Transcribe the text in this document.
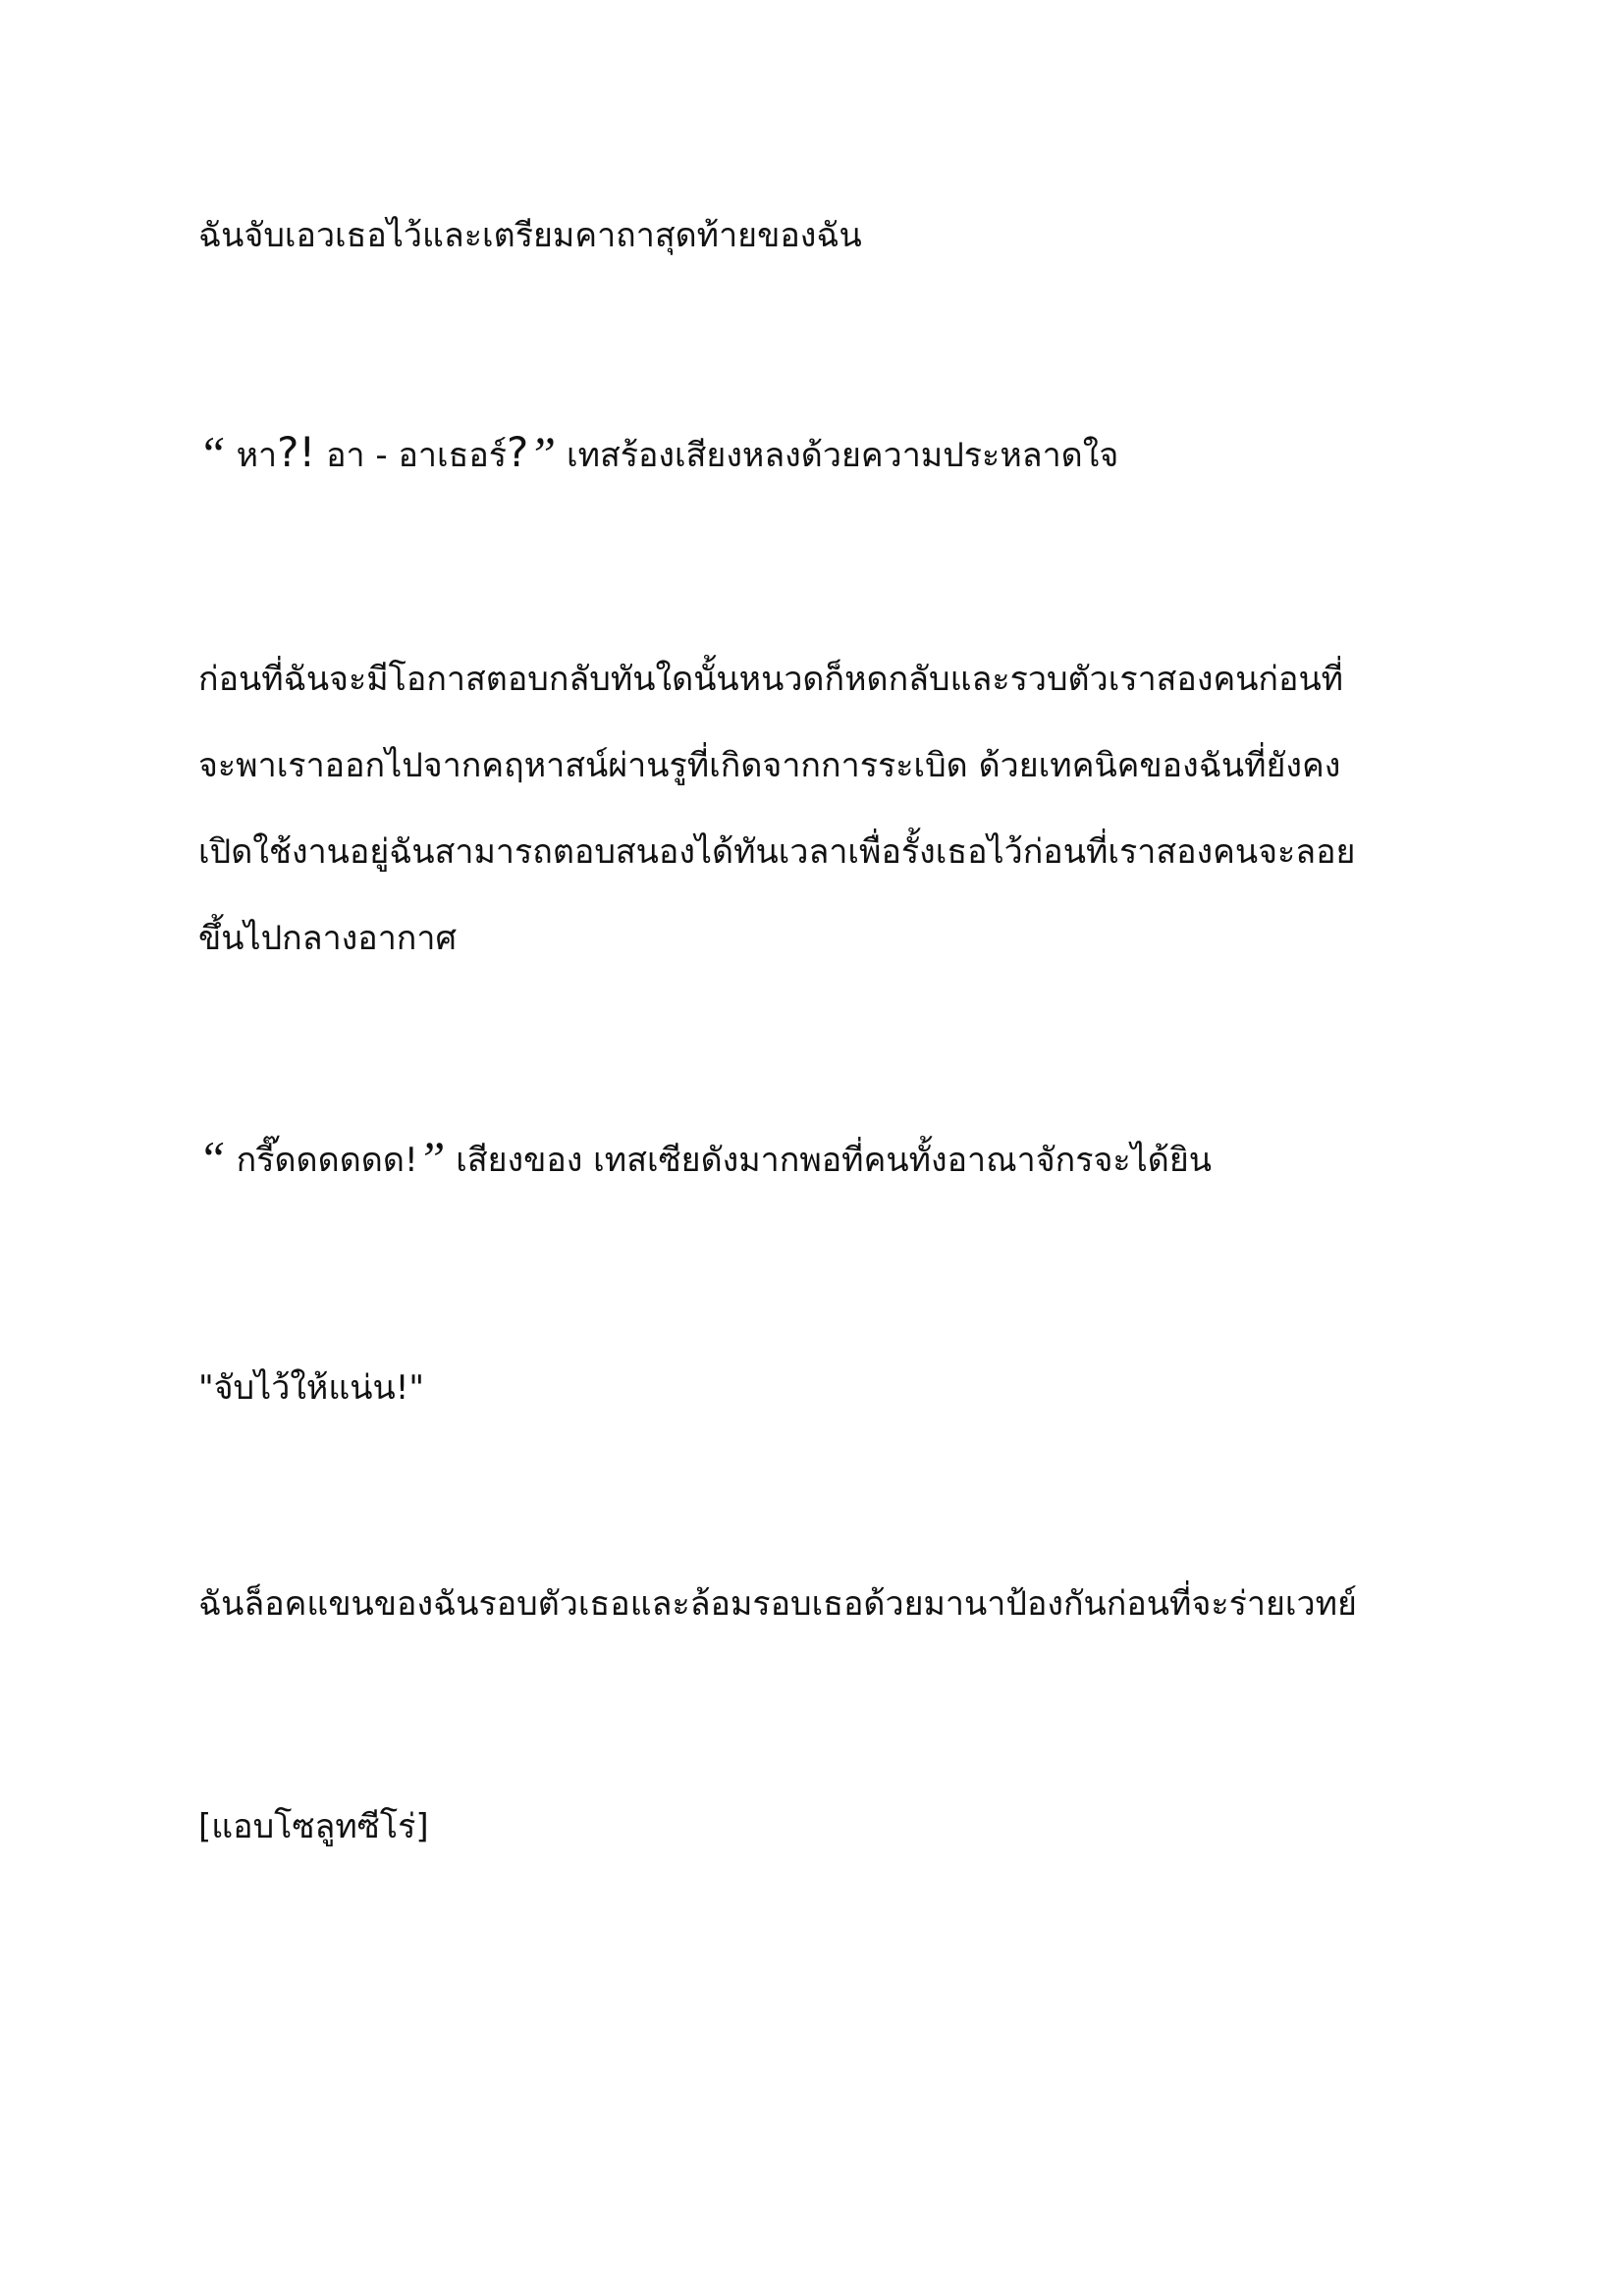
ฉันจับเอวเธอไว้และเตรียมคาถาสุดท้ายของฉัน

“ หา?! อา - อาเธอร์?” เทสร้องเสียงหลงด้วยความประหลาดใจ

ก่อนที่ฉันจะมีโอกาสตอบกลับทันใดนั้นหนวดก็หดกลับและรวบตัวเราสองคนก่อนที่
จะพาเราออกไปจากคฤหาสน์ผ่านรูที่เกิดจากการระเบิด ด้วยเทคนิคของฉันที่ยังคง
เปิดใช้งานอยู่ฉันสามารถตอบสนองได้ทันเวลาเพื่อรั้งเธอไว้ก่อนที่เราสองคนจะลอย
ขึ้นไปกลางอากาศ

“ กรี๊ดดดดดด!” เสียงของ เทสเซียดังมากพอที่คนทั้งอาณาจักรจะได้ยิน

"จับไว้ให้แน่น!"

ฉันล็อคแขนของฉันรอบตัวเธอและล้อมรอบเธอด้วยมานาป้องกันก่อนที่จะร่ายเวทย์

[แอบโซลูทซีโร่]
